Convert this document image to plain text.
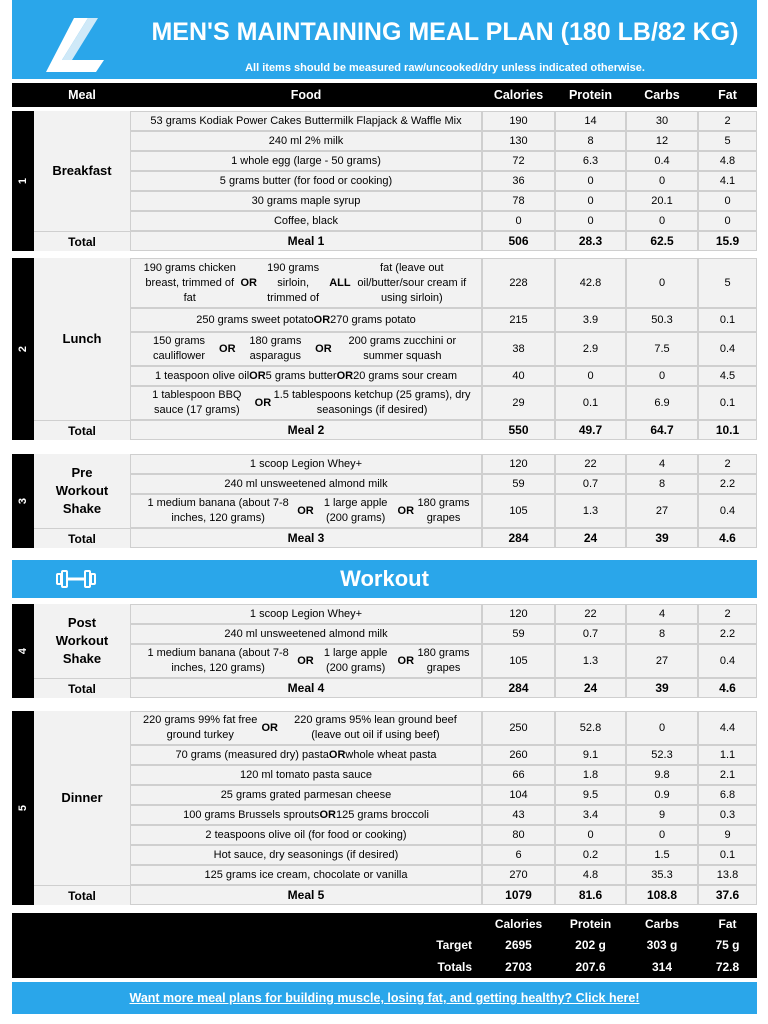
MEN'S MAINTAINING MEAL PLAN (180 LB/82 KG)
All items should be measured raw/uncooked/dry unless indicated otherwise.
Meal	Food	Calories	Protein	Carbs	Fat
1
Breakfast
53 grams Kodiak Power Cakes Buttermilk Flapjack & Waffle Mix	190	14	30	2
240 ml 2% milk	130	8	12	5
1 whole egg (large - 50 grams)	72	6.3	0.4	4.8
5 grams butter (for food or cooking)	36	0	0	4.1
30 grams maple syrup	78	0	20.1	0
Coffee, black	0	0	0	0
Total	Meal 1	506	28.3	62.5	15.9
2
Lunch
190 grams chicken breast, trimmed of fat
OR
190 grams sirloin, trimmed of
ALL
fat (leave out oil/butter/sour cream if using sirloin)
228	42.8	0	5
250 grams sweet potato OR 270 grams potato	215	3.9	50.3	0.1
150 grams cauliflower
OR
180 grams asparagus
OR
200 grams zucchini or summer squash
38	2.9	7.5	0.4
1 teaspoon olive oil OR 5 grams butter OR 20 grams sour cream	40	0	0	4.5
1 tablespoon BBQ sauce (17 grams)
OR
1.5 tablespoons ketchup (25 grams), dry seasonings (if desired)
29	0.1	6.9	0.1
Total	Meal 2	550	49.7	64.7	10.1
3
Pre Workout Shake
1 scoop Legion Whey+	120	22	4	2
240 ml unsweetened almond milk	59	0.7	8	2.2
1 medium banana (about 7-8 inches, 120 grams)
OR
1 large apple (200 grams)
OR
180 grams grapes
105	1.3	27	0.4
Total	Meal 3	284	24	39	4.6
4
Post Workout Shake
1 scoop Legion Whey+	120	22	4	2
240 ml unsweetened almond milk	59	0.7	8	2.2
1 medium banana (about 7-8 inches, 120 grams)
OR
1 large apple (200 grams)
OR
180 grams grapes
105	1.3	27	0.4
Total	Meal 4	284	24	39	4.6
5
Dinner
220 grams 99% fat free ground turkey
OR
220 grams 95% lean ground beef (leave out oil if using beef)
250	52.8	0	4.4
70 grams (measured dry) pasta OR whole wheat pasta	260	9.1	52.3	1.1
120 ml tomato pasta sauce	66	1.8	9.8	2.1
25 grams grated parmesan cheese	104	9.5	0.9	6.8
100 grams Brussels sprouts OR 125 grams broccoli	43	3.4	9	0.3
2 teaspoons olive oil (for food or cooking)	80	0	0	9
Hot sauce, dry seasonings (if desired)	6	0.2	1.5	0.1
125 grams ice cream, chocolate or vanilla	270	4.8	35.3	13.8
Total	Meal 5	1079	81.6	108.8	37.6
Workout
Calories	Protein	Carbs	Fat
Target	2695	202 g	303 g	75 g
Totals	2703	207.6	314	72.8
Want more meal plans for building muscle, losing fat, and getting healthy? Click here!
